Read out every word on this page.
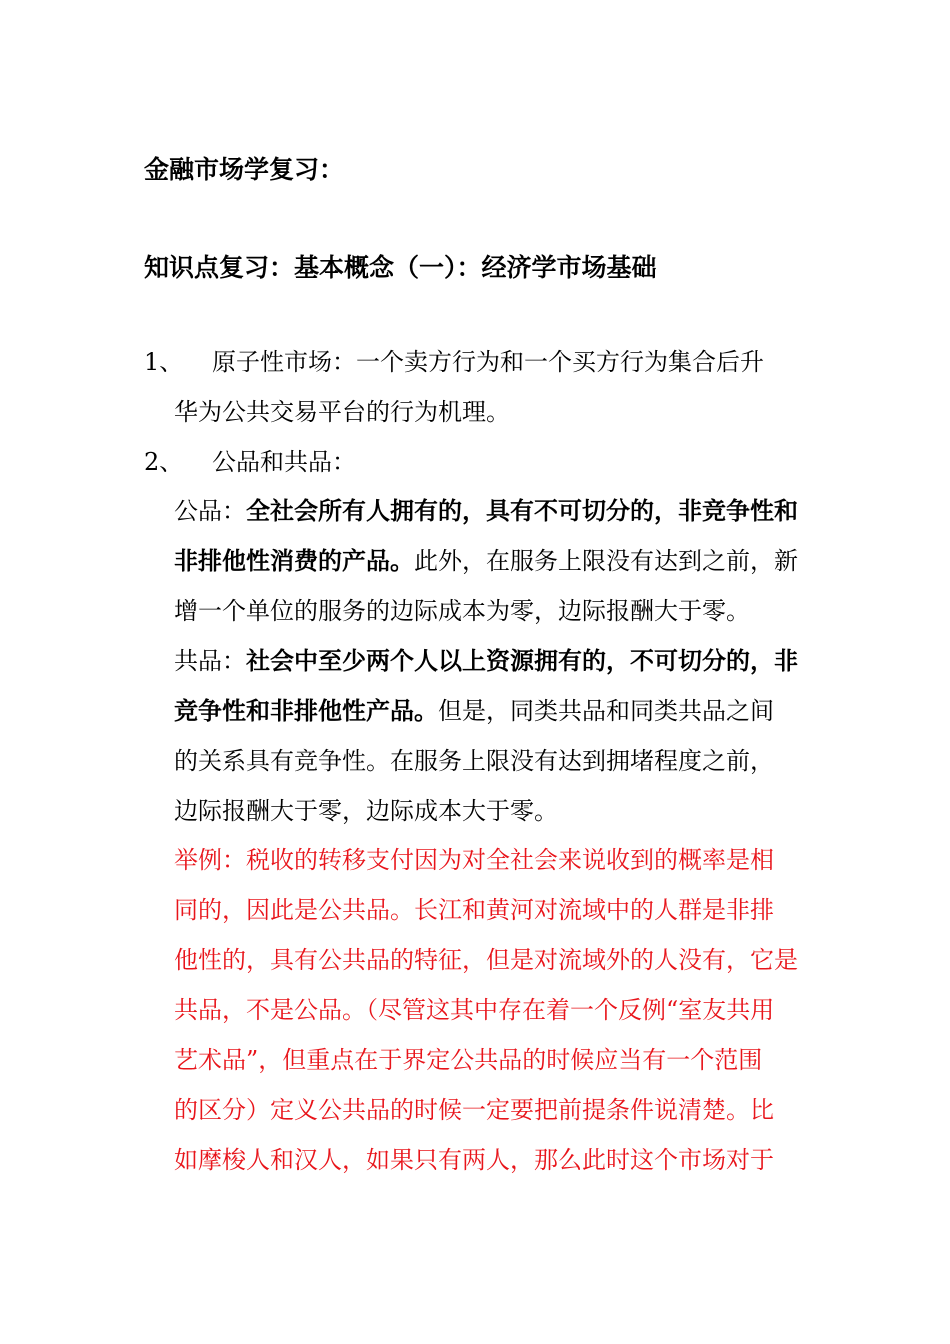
金融市场学复习：
知识点复习：基本概念（一）：经济学市场基础
1、	原子性市场：一个卖方行为和一个买方行为集合后升
华为公共交易平台的行为机理。
2、	公品和共品：
公品：全社会所有人拥有的，具有不可切分的，非竞争性和
非排他性消费的产品。此外，在服务上限没有达到之前，新
增一个单位的服务的边际成本为零，边际报酬大于零。
共品：社会中至少两个人以上资源拥有的，不可切分的，非
竞争性和非排他性产品。但是，同类共品和同类共品之间
的关系具有竞争性。在服务上限没有达到拥堵程度之前，
边际报酬大于零，边际成本大于零。
举例：税收的转移支付因为对全社会来说收到的概率是相
同的，因此是公共品。长江和黄河对流域中的人群是非排
他性的，具有公共品的特征，但是对流域外的人没有，它是
共品，不是公品。（尽管这其中存在着一个反例“室友共用
艺术品”，但重点在于界定公共品的时候应当有一个范围
的区分）定义公共品的时候一定要把前提条件说清楚。比
如摩梭人和汉人，如果只有两人，那么此时这个市场对于
